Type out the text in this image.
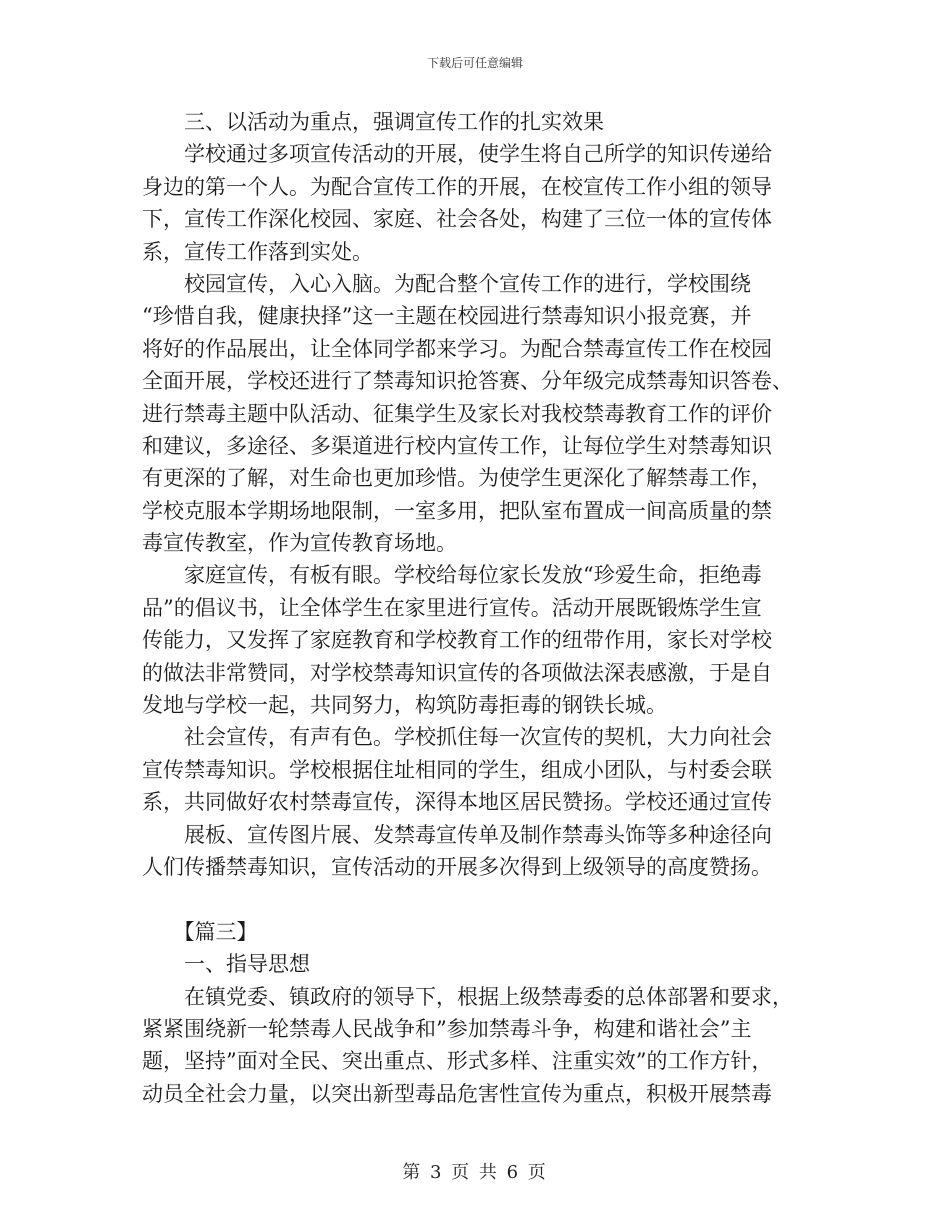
下载后可任意编辑
　　三、以活动为重点，强调宣传工作的扎实效果
　　学校通过多项宣传活动的开展，使学生将自己所学的知识传递给
身边的第一个人。为配合宣传工作的开展，在校宣传工作小组的领导
下，宣传工作深化校园、家庭、社会各处，构建了三位一体的宣传体
系，宣传工作落到实处。
　　校园宣传，入心入脑。为配合整个宣传工作的进行，学校围绕
“珍惜自我，健康抉择”这一主题在校园进行禁毒知识小报竞赛，并
将好的作品展出，让全体同学都来学习。为配合禁毒宣传工作在校园
全面开展，学校还进行了禁毒知识抢答赛、分年级完成禁毒知识答卷、
进行禁毒主题中队活动、征集学生及家长对我校禁毒教育工作的评价
和建议，多途径、多渠道进行校内宣传工作，让每位学生对禁毒知识
有更深的了解，对生命也更加珍惜。为使学生更深化了解禁毒工作，
学校克服本学期场地限制，一室多用，把队室布置成一间高质量的禁
毒宣传教室，作为宣传教育场地。
　　家庭宣传，有板有眼。学校给每位家长发放“珍爱生命，拒绝毒
品”的倡议书，让全体学生在家里进行宣传。活动开展既锻炼学生宣
传能力，又发挥了家庭教育和学校教育工作的纽带作用，家长对学校
的做法非常赞同，对学校禁毒知识宣传的各项做法深表感激，于是自
发地与学校一起，共同努力，构筑防毒拒毒的钢铁长城。
　　社会宣传，有声有色。学校抓住每一次宣传的契机，大力向社会
宣传禁毒知识。学校根据住址相同的学生，组成小团队，与村委会联
系，共同做好农村禁毒宣传，深得本地区居民赞扬。学校还通过宣传
　　展板、宣传图片展、发禁毒宣传单及制作禁毒头饰等多种途径向
人们传播禁毒知识，宣传活动的开展多次得到上级领导的高度赞扬。
　　【篇三】
　　一、指导思想
　　在镇党委、镇政府的领导下，根据上级禁毒委的总体部署和要求，
紧紧围绕新一轮禁毒人民战争和”参加禁毒斗争，构建和谐社会”主
题，坚持”面对全民、突出重点、形式多样、注重实效”的工作方针，
动员全社会力量，以突出新型毒品危害性宣传为重点，积极开展禁毒
第 3 页 共 6 页
